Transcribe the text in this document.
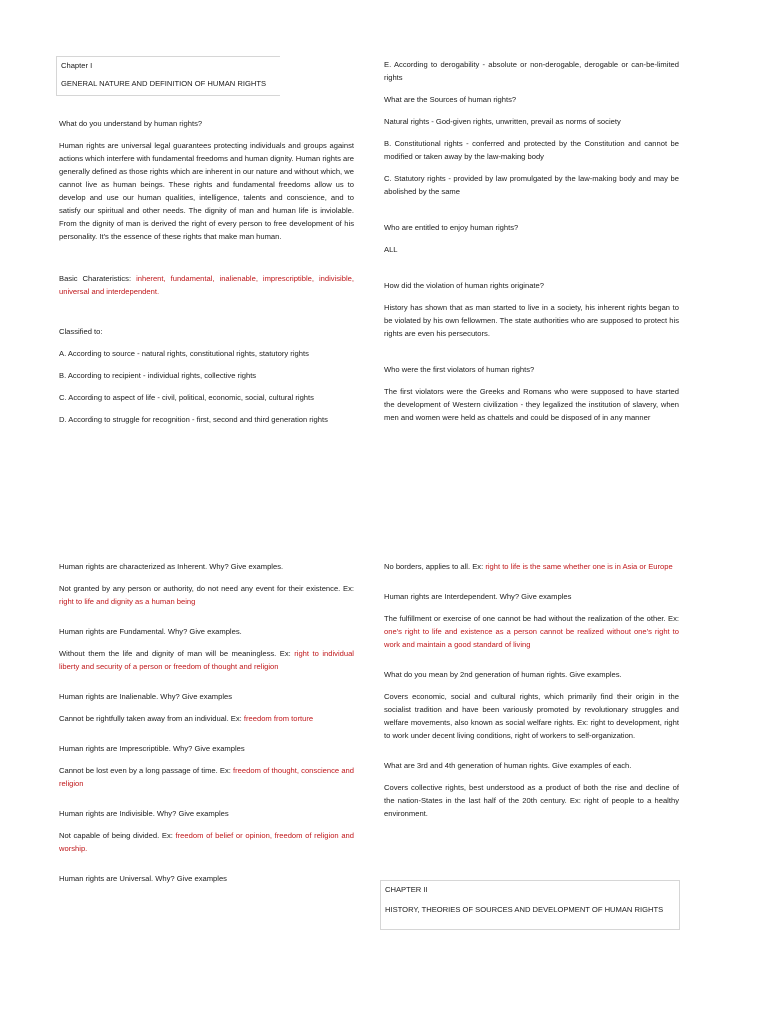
Chapter I

GENERAL NATURE AND DEFINITION OF HUMAN RIGHTS

What do you understand by human rights?

Human rights are universal legal guarantees protecting individuals and groups against actions which interfere with fundamental freedoms and human dignity. Human rights are generally defined as those rights which are inherent in our nature and without which, we cannot live as human beings. These rights and fundamental freedoms allow us to develop and use our human qualities, intelligence, talents and conscience, and to satisfy our spiritual and other needs. The dignity of man and human life is inviolable. From the dignity of man is derived the right of every person to free development of his personality. It's the essence of these rights that make man human.

Basic Charateristics: inherent, fundamental, inalienable, imprescriptible, indivisible, universal and interdependent.

Classified to:

A. According to source - natural rights, constitutional rights, statutory rights

B. According to recipient - individual rights, collective rights

C. According to aspect of life - civil, political, economic, social, cultural rights

D. According to struggle for recognition - first, second and third generation rights

E. According to derogability - absolute or non-derogable, derogable or can-be-limited rights

What are the Sources of human rights?

Natural rights - God-given rights, unwritten, prevail as norms of society

B. Constitutional rights - conferred and protected by the Constitution and cannot be modified or taken away by the law-making body

C. Statutory rights - provided by law promulgated by the law-making body and may be abolished by the same

Who are entitled to enjoy human rights?

ALL

How did the violation of human rights originate?

History has shown that as man started to live in a society, his inherent rights began to be violated by his own fellowmen. The state authorities who are supposed to protect his rights are even his persecutors.

Who were the first violators of human rights?

The first violators were the Greeks and Romans who were supposed to have started the development of Western civilization - they legalized the institution of slavery, when men and women were held as chattels and could be disposed of in any manner

Human rights are characterized as Inherent. Why? Give examples.

Not granted by any person or authority, do not need any event for their existence. Ex: right to life and dignity as a human being

Human rights are Fundamental. Why? Give examples.

Without them the life and dignity of man will be meaningless. Ex: right to individual liberty and security of a person or freedom of thought and religion

Human rights are Inalienable. Why? Give examples

Cannot be rightfully taken away from an individual. Ex: freedom from torture

Human rights are Imprescriptible. Why? Give examples

Cannot be lost even by a long passage of time. Ex: freedom of thought, conscience and religion

Human rights are Indivisible. Why? Give examples

Not capable of being divided. Ex: freedom of belief or opinion, freedom of religion and worship.

Human rights are Universal. Why? Give examples

No borders, applies to all. Ex: right to life is the same whether one is in Asia or Europe

Human rights are Interdependent. Why? Give examples

The fulfillment or exercise of one cannot be had without the realization of the other. Ex: one's right to life and existence as a person cannot be realized without one's right to work and maintain a good standard of living

What do you mean by 2nd generation of human rights. Give examples.

Covers economic, social and cultural rights, which primarily find their origin in the socialist tradition and have been variously promoted by revolutionary struggles and welfare movements, also known as social welfare rights. Ex: right to development, right to work under decent living conditions, right of workers to self-organization.

What are 3rd and 4th generation of human rights. Give examples of each.

Covers collective rights, best understood as a product of both the rise and decline of the nation-States in the last half of the 20th century. Ex: right of people to a healthy environment.

CHAPTER II

HISTORY, THEORIES OF SOURCES AND DEVELOPMENT OF HUMAN RIGHTS
